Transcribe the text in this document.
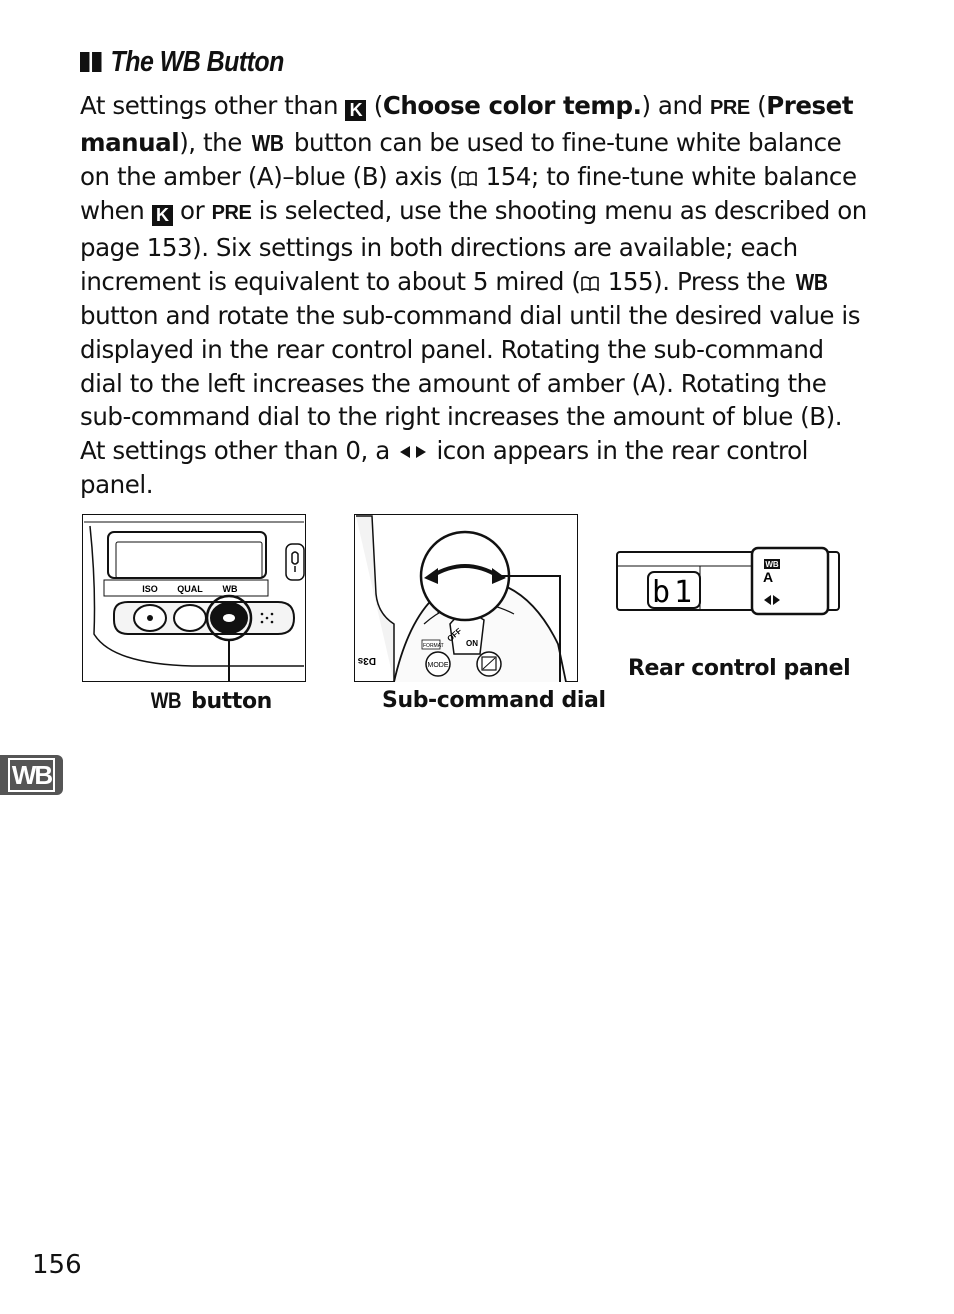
The WB Button
At settings other than K (Choose color temp.) and PRE (Preset manual), the WB button can be used to fine-tune white balance on the amber (A)–blue (B) axis ( 154; to fine-tune white balance when K or PRE is selected, use the shooting menu as described on page 153). Six settings in both directions are available; each increment is equivalent to about 5 mired ( 155). Press the WB button and rotate the sub-command dial until the desired value is displayed in the rear control panel. Rotating the sub-command dial to the left increases the amount of amber (A). Rotating the sub-command dial to the right increases the amount of blue (B). At settings other than 0, a  icon appears in the rear control panel.
ISO QUAL WB
WB button
OFF ON
FORMAT
MODE
D3s
Sub-command dial
b1
WB
A
Rear control panel
WB
156
